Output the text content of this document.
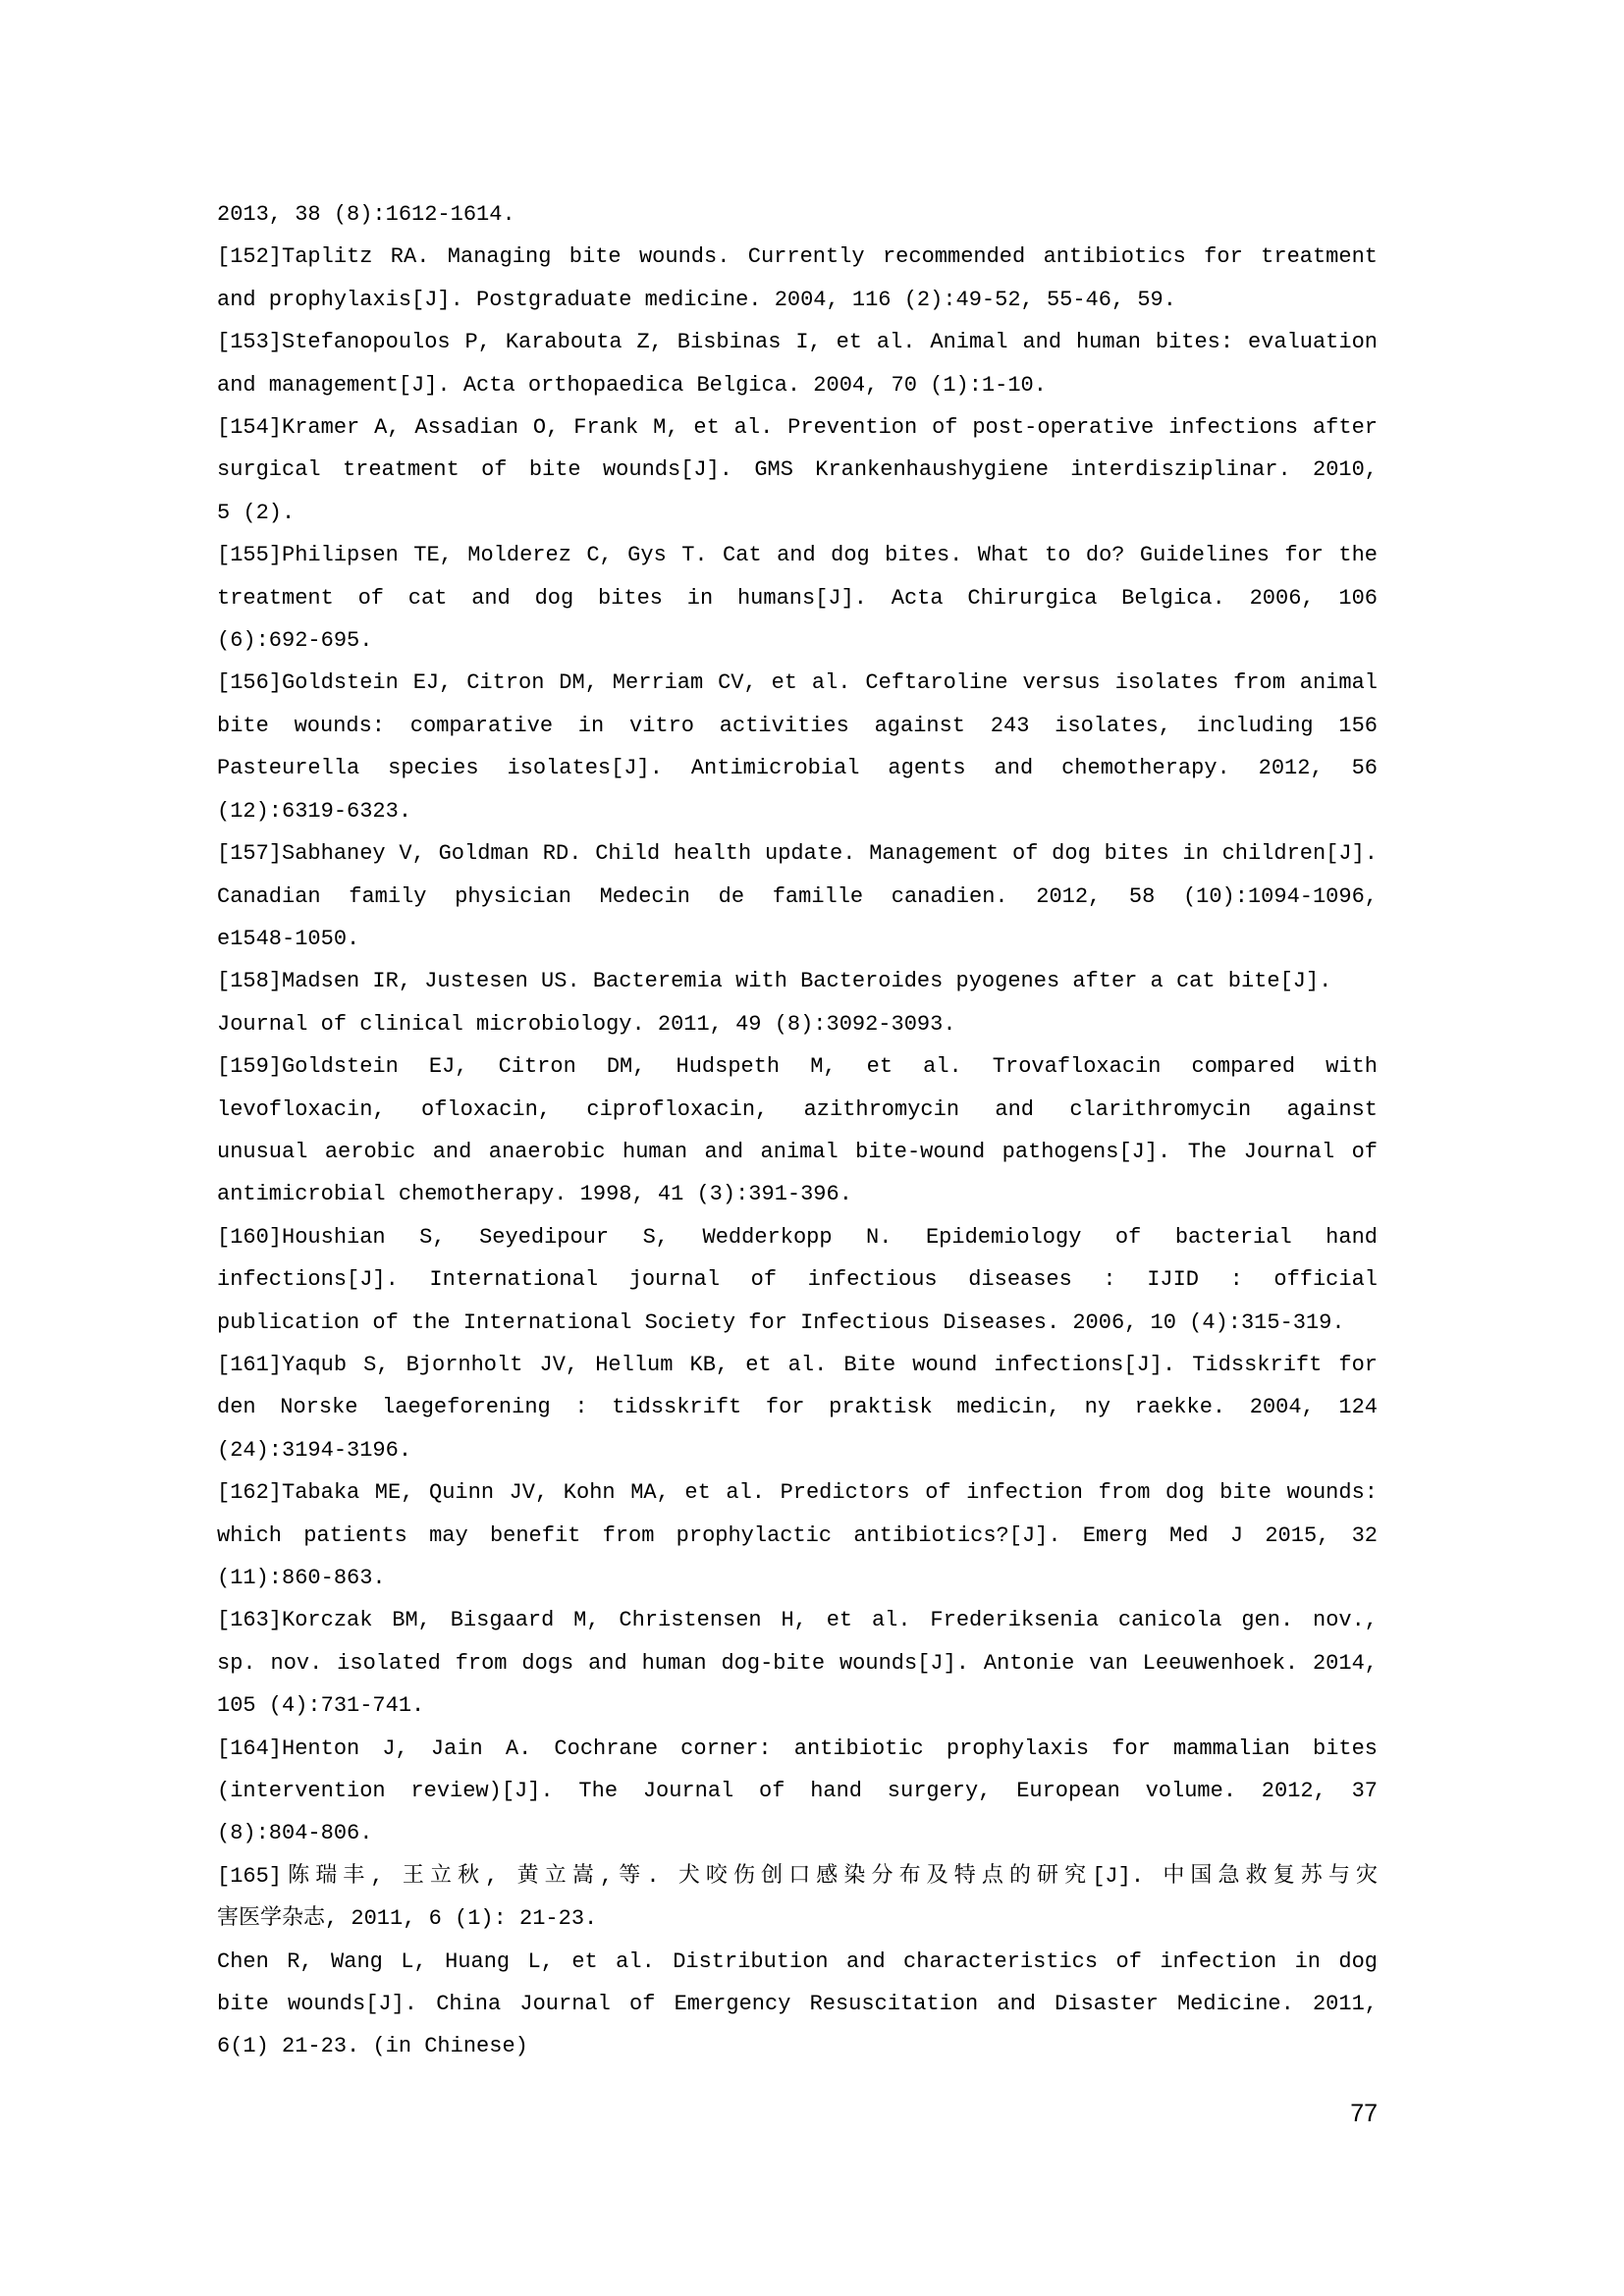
2013, 38 (8):1612-1614.
[152]Taplitz RA. Managing bite wounds. Currently recommended antibiotics for treatment
and prophylaxis[J]. Postgraduate medicine. 2004, 116 (2):49-52, 55-46, 59.
[153]Stefanopoulos P, Karabouta Z, Bisbinas I, et al. Animal and human bites: evaluation
and management[J]. Acta orthopaedica Belgica. 2004, 70 (1):1-10.
[154]Kramer A, Assadian O, Frank M, et al. Prevention of post-operative infections after
surgical treatment of bite wounds[J]. GMS Krankenhaushygiene interdisziplinar. 2010,
5 (2).
[155]Philipsen TE, Molderez C, Gys T. Cat and dog bites. What to do? Guidelines for the
treatment of cat and dog bites in humans[J]. Acta Chirurgica Belgica. 2006, 106
(6):692-695.
[156]Goldstein EJ, Citron DM, Merriam CV, et al. Ceftaroline versus isolates from animal
bite wounds: comparative in vitro activities against 243 isolates, including 156
Pasteurella species isolates[J]. Antimicrobial agents and chemotherapy. 2012, 56
(12):6319-6323.
[157]Sabhaney V, Goldman RD. Child health update. Management of dog bites in children[J].
Canadian family physician Medecin de famille canadien. 2012, 58 (10):1094-1096,
e1548-1050.
[158]Madsen IR, Justesen US. Bacteremia with Bacteroides pyogenes after a cat bite[J].
Journal of clinical microbiology. 2011, 49 (8):3092-3093.
[159]Goldstein EJ, Citron DM, Hudspeth M, et al. Trovafloxacin compared with
levofloxacin, ofloxacin, ciprofloxacin, azithromycin and clarithromycin against
unusual aerobic and anaerobic human and animal bite-wound pathogens[J]. The Journal of
antimicrobial chemotherapy. 1998, 41 (3):391-396.
[160]Houshian S, Seyedipour S, Wedderkopp N. Epidemiology of bacterial hand
infections[J]. International journal of infectious diseases : IJID : official
publication of the International Society for Infectious Diseases. 2006, 10 (4):315-319.
[161]Yaqub S, Bjornholt JV, Hellum KB, et al. Bite wound infections[J]. Tidsskrift for
den Norske laegeforening : tidsskrift for praktisk medicin, ny raekke. 2004, 124
(24):3194-3196.
[162]Tabaka ME, Quinn JV, Kohn MA, et al. Predictors of infection from dog bite wounds:
which patients may benefit from prophylactic antibiotics?[J]. Emerg Med J 2015, 32
(11):860-863.
[163]Korczak BM, Bisgaard M, Christensen H, et al. Frederiksenia canicola gen. nov.,
sp. nov. isolated from dogs and human dog-bite wounds[J]. Antonie van Leeuwenhoek. 2014,
105 (4):731-741.
[164]Henton J, Jain A. Cochrane corner: antibiotic prophylaxis for mammalian bites
(intervention review)[J]. The Journal of hand surgery, European volume. 2012, 37
(8):804-806.
[165]陈瑞丰, 王立秋, 黄立嵩,等. 犬咬伤创口感染分布及特点的研究[J]. 中国急救复苏与灾
害医学杂志, 2011, 6 (1): 21-23.
Chen R, Wang L, Huang L, et al. Distribution and characteristics of infection in dog
bite wounds[J]. China Journal of Emergency Resuscitation and Disaster Medicine. 2011,
6(1) 21-23. (in Chinese)
77
